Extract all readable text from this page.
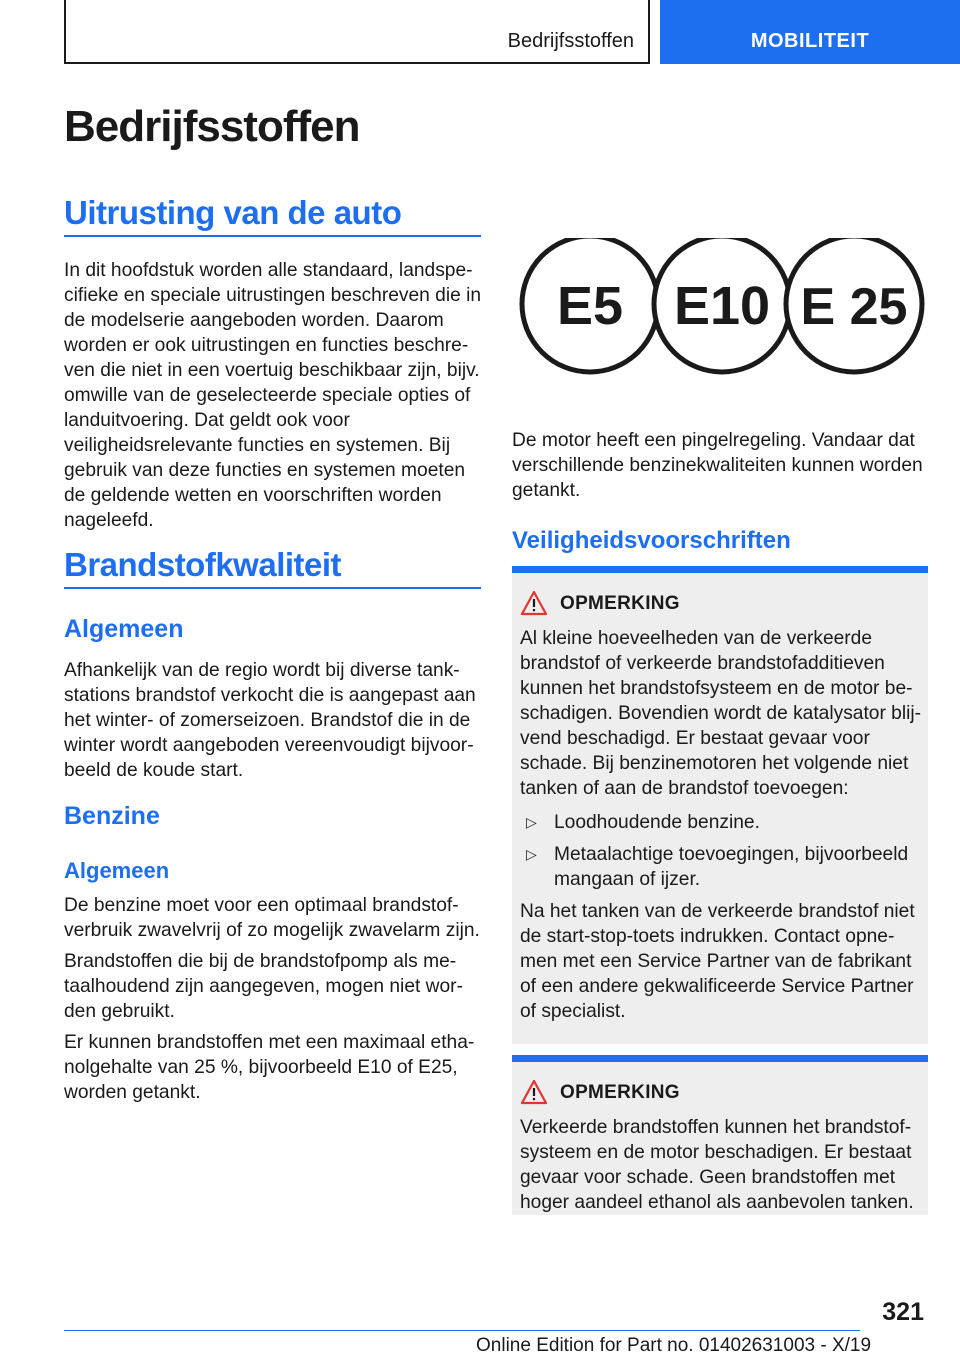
Bedrijfsstoffen	MOBILITEIT
Bedrijfsstoffen
Uitrusting van de auto
In dit hoofdstuk worden alle standaard, landspecifieke en speciale uitrustingen beschreven die in de modelserie aangeboden worden. Daarom worden er ook uitrustingen en functies beschreven die niet in een voertuig beschikbaar zijn, bijv. omwille van de geselecteerde speciale opties of landuitvoering. Dat geldt ook voor veiligheidsrelevante functies en systemen. Bij gebruik van deze functies en systemen moeten de geldende wetten en voorschriften worden nageleefd.
Brandstofkwaliteit
Algemeen
Afhankelijk van de regio wordt bij diverse tankstations brandstof verkocht die is aangepast aan het winter- of zomerseizoen. Brandstof die in de winter wordt aangeboden vereenvoudigt bijvoorbeeld de koude start.
Benzine
Algemeen
De benzine moet voor een optimaal brandstofverbruik zwavelvrij of zo mogelijk zwavelarm zijn.
Brandstoffen die bij de brandstofpomp als metaalhoudend zijn aangegeven, mogen niet worden gebruikt.
Er kunnen brandstoffen met een maximaal ethanolgehalte van 25 %, bijvoorbeeld E10 of E25, worden getankt.
E5 E10 E 25
De motor heeft een pingelregeling. Vandaar dat verschillende benzinekwaliteiten kunnen worden getankt.
Veiligheidsvoorschriften
OPMERKING
Al kleine hoeveelheden van de verkeerde brandstof of verkeerde brandstofadditieven kunnen het brandstofsysteem en de motor beschadigen. Bovendien wordt de katalysator blijvend beschadigd. Er bestaat gevaar voor schade. Bij benzinemotoren het volgende niet tanken of aan de brandstof toevoegen:
▷ Loodhoudende benzine.
▷ Metaalachtige toevoegingen, bijvoorbeeld mangaan of ijzer.
Na het tanken van de verkeerde brandstof niet de start-stop-toets indrukken. Contact opnemen met een Service Partner van de fabrikant of een andere gekwalificeerde Service Partner of specialist.
OPMERKING
Verkeerde brandstoffen kunnen het brandstofsysteem en de motor beschadigen. Er bestaat gevaar voor schade. Geen brandstoffen met hoger aandeel ethanol als aanbevolen tanken.
321
Online Edition for Part no. 01402631003 - X/19
